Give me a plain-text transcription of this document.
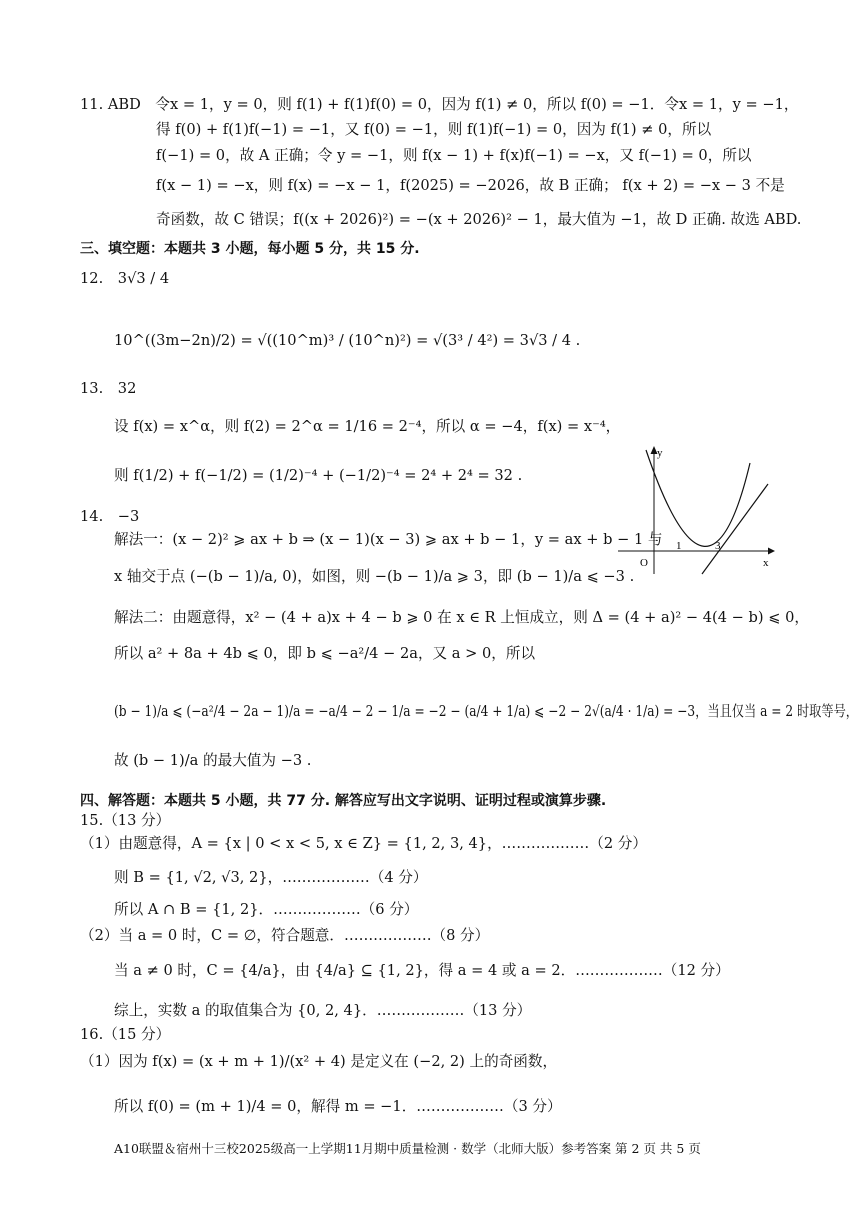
11. ABD　令x = 1，y = 0，则 f(1) + f(1)f(0) = 0，因为 f(1) ≠ 0，所以 f(0) = −1．令x = 1，y = −1，
得 f(0) + f(1)f(−1) = −1，又 f(0) = −1，则 f(1)f(−1) = 0，因为 f(1) ≠ 0，所以
f(−1) = 0，故 A 正确；令 y = −1，则 f(x − 1) + f(x)f(−1) = −x，又 f(−1) = 0，所以
f(x − 1) = −x，则 f(x) = −x − 1，f(2025) = −2026，故 B 正确； f(x + 2) = −x − 3 不是
奇函数，故 C 错误；f((x + 2026)²) = −(x + 2026)² − 1，最大值为 −1，故 D 正确. 故选 ABD.
三、填空题：本题共 3 小题，每小题 5 分，共 15 分.
12.　3√3 / 4
10^((3m−2n)/2) = √((10^m)³ / (10^n)²) = √(3³ / 4²) = 3√3 / 4 .
13.　32
设 f(x) = x^α，则 f(2) = 2^α = 1/16 = 2⁻⁴，所以 α = −4，f(x) = x⁻⁴，
则 f(1/2) + f(−1/2) = (1/2)⁻⁴ + (−1/2)⁻⁴ = 2⁴ + 2⁴ = 32 .
14.　−3
解法一：(x − 2)² ⩾ ax + b ⇒ (x − 1)(x − 3) ⩾ ax + b − 1，y = ax + b − 1 与
x 轴交于点 (−(b − 1)/a, 0)，如图，则 −(b − 1)/a ⩾ 3，即 (b − 1)/a ⩽ −3 .
y
x
O
1	3
解法二：由题意得，x² − (4 + a)x + 4 − b ⩾ 0 在 x ∈ R 上恒成立，则 Δ = (4 + a)² − 4(4 − b) ⩽ 0，
所以 a² + 8a + 4b ⩽ 0，即 b ⩽ −a²/4 − 2a，又 a > 0，所以
(b − 1)/a ⩽ (−a²/4 − 2a − 1)/a = −a/4 − 2 − 1/a = −2 − (a/4 + 1/a) ⩽ −2 − 2√(a/4 · 1/a) = −3，当且仅当 a = 2 时取等号，
故 (b − 1)/a 的最大值为 −3 .
四、解答题：本题共 5 小题，共 77 分. 解答应写出文字说明、证明过程或演算步骤.
15.（13 分）
（1）由题意得，A = {x | 0 < x < 5, x ∈ Z} = {1, 2, 3, 4}，………………（2 分）
则 B = {1, √2, √3, 2}，………………（4 分）
所以 A ∩ B = {1, 2}．………………（6 分）
（2）当 a = 0 时，C = ∅，符合题意．………………（8 分）
当 a ≠ 0 时，C = {4/a}，由 {4/a} ⊆ {1, 2}，得 a = 4 或 a = 2．………………（12 分）
综上，实数 a 的取值集合为 {0, 2, 4}．………………（13 分）
16.（15 分）
（1）因为 f(x) = (x + m + 1)/(x² + 4) 是定义在 (−2, 2) 上的奇函数，
所以 f(0) = (m + 1)/4 = 0，解得 m = −1．………………（3 分）
A10联盟＆宿州十三校2025级高一上学期11月期中质量检测 · 数学（北师大版）参考答案 第 2 页 共 5 页
